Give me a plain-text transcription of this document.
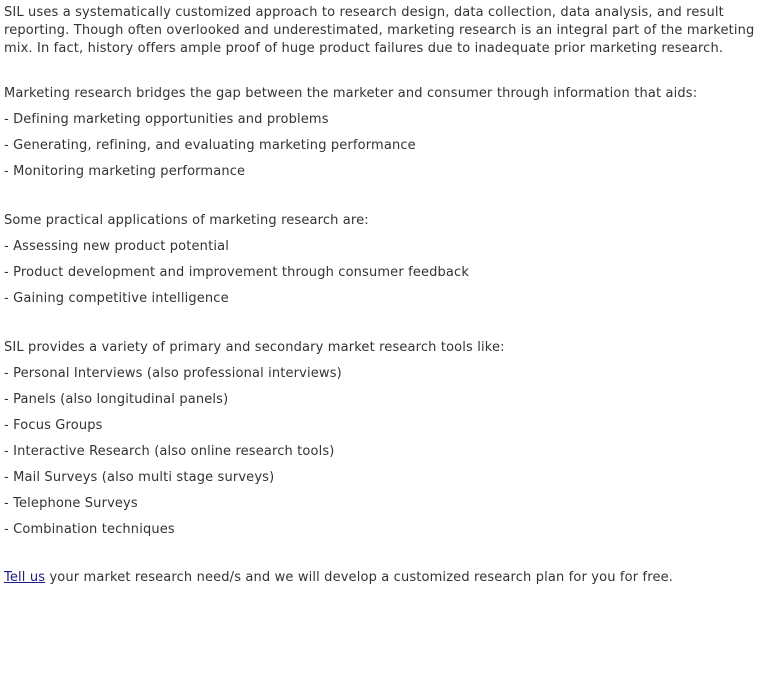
SIL uses a systematically customized approach to research design, data collection, data analysis, and result reporting. Though often overlooked and underestimated, marketing research is an integral part of the marketing mix. In fact, history offers ample proof of huge product failures due to inadequate prior marketing research.

Marketing research bridges the gap between the marketer and consumer through information that aids:

- Defining marketing opportunities and problems

- Generating, refining, and evaluating marketing performance

- Monitoring marketing performance

Some practical applications of marketing research are:

- Assessing new product potential

- Product development and improvement through consumer feedback

- Gaining competitive intelligence

SIL provides a variety of primary and secondary market research tools like:

- Personal Interviews (also professional interviews)

- Panels (also longitudinal panels)

- Focus Groups

- Interactive Research (also online research tools)

- Mail Surveys (also multi stage surveys)

- Telephone Surveys

- Combination techniques

Tell us your market research need/s and we will develop a customized research plan for you for free.
